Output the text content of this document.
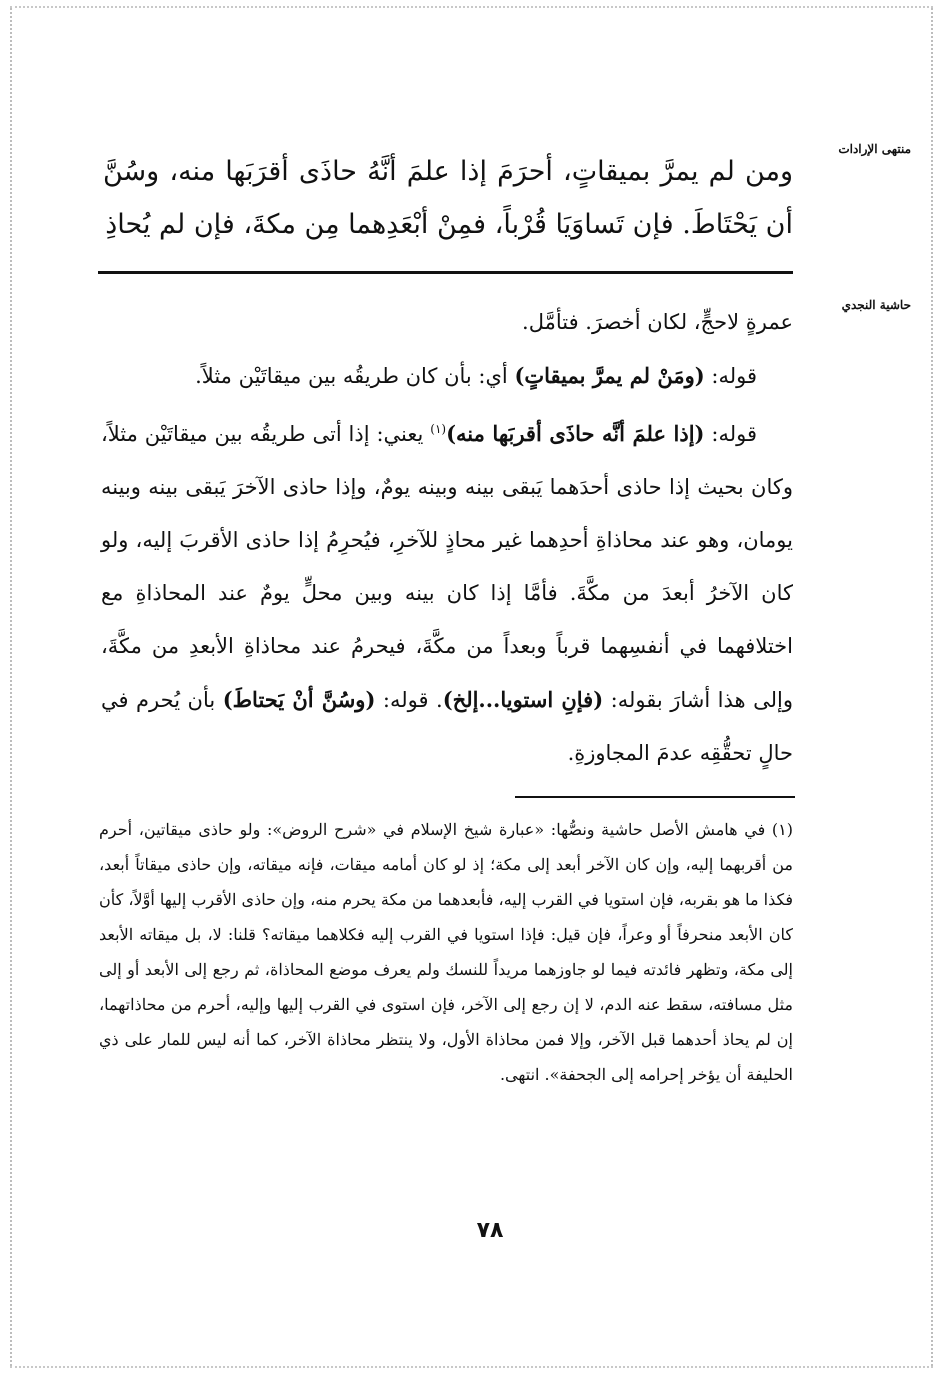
منتهى الإرادات
حاشية النجدي

ومن لم يمرَّ بميقاتٍ، أحرَمَ إذا علمَ أنَّهُ حاذَى أقرَبَها منه، وسُنَّ أن يَحْتَاطَ. فإن تَساوَيَا قُرْباً، فمِنْ أبْعَدِهما مِن مكةَ، فإن لم يُحاذِ

عمرةٍ لاحجٍّ، لكان أخصرَ. فتأمَّل.

قوله: (ومَنْ لم يمرَّ بميقاتٍ) أي: بأن كان طريقُه بين ميقاتَيْن مثلاً.

قوله: (إذا علمَ أنَّه حاذَى أقربَها منه)$^{(١)}$ يعني: إذا أتى طريقُه بين ميقاتَيْن مثلاً، وكان بحيث إذا حاذى أحدَهما يَبقى بينه وبينه يومٌ، وإذا حاذى الآخرَ يَبقى بينه وبينه يومان، وهو عند محاذاةِ أحدِهما غير محاذٍ للآخرِ، فيُحرِمُ إذا حاذى الأقربَ إليه، ولو كان الآخرُ أبعدَ من مكَّةَ. فأمَّا إذا كان بينه وبين محلٍّ يومٌ عند المحاذاةِ مع اختلافهما في أنفسِهما قرباً وبعداً من مكَّةَ، فيحرمُ عند محاذاةِ الأبعدِ من مكَّةَ، وإلى هذا أشارَ بقوله: (فإنِ استويا...إلخ). قوله: (وسُنَّ أنْ يَحتاطَ) بأن يُحرم في حالٍ تحقُّقِه عدمَ المجاوزةِ.

(١) في هامش الأصل حاشية ونصُّها: «عبارة شيخ الإسلام في «شرح الروض»: ولو حاذى ميقاتين، أحرم من أقربهما إليه، وإن كان الآخر أبعد إلى مكة؛ إذ لو كان أمامه ميقات، فإنه ميقاته، وإن حاذى ميقاتاً أبعد، فكذا ما هو بقربه، فإن استويا في القرب إليه، فأبعدهما من مكة يحرم منه، وإن حاذى الأقرب إليها أوَّلاً، كأن كان الأبعد منحرفاً أو وعراً، فإن قيل: فإذا استويا في القرب إليه فكلاهما ميقاته؟ قلنا: لا، بل ميقاته الأبعد إلى مكة، وتظهر فائدته فيما لو جاوزهما مريداً للنسك ولم يعرف موضع المحاذاة، ثم رجع إلى الأبعد أو إلى مثل مسافته، سقط عنه الدم، لا إن رجع إلى الآخر، فإن استوى في القرب إليها وإليه، أحرم من محاذاتهما، إن لم يحاذ أحدهما قبل الآخر، وإلا فمن محاذاة الأول، ولا ينتظر محاذاة الآخر، كما أنه ليس للمار على ذي الحليفة أن يؤخر إحرامه إلى الجحفة». انتهى.

٧٨
